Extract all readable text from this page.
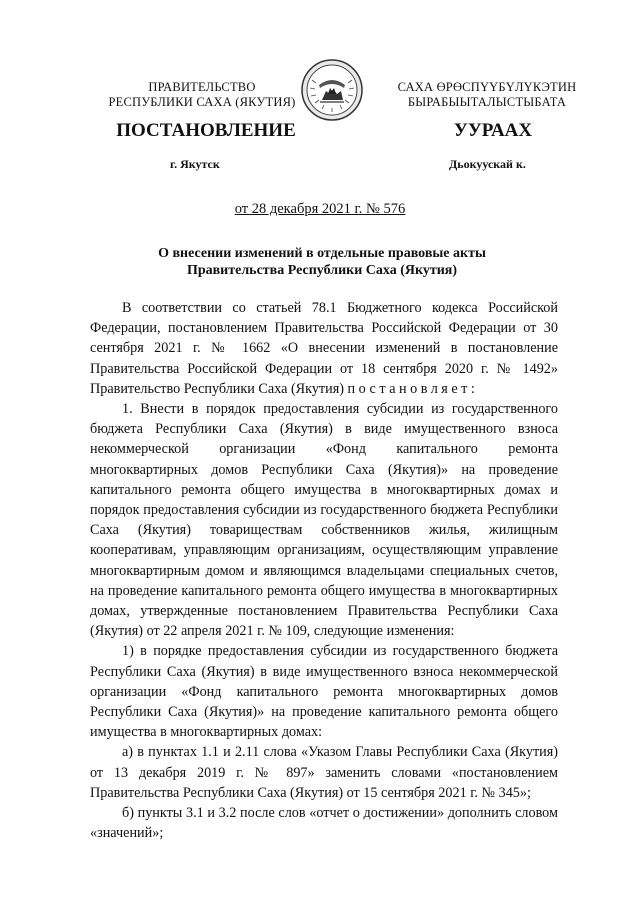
ПРАВИТЕЛЬСТВО
РЕСПУБЛИКИ САХА (ЯКУТИЯ)
САХА ӨРӨСПҮҮБҮЛҮКЭТИН
БЫРАБЫЫТАЛЫСТЫБАТА
ПОСТАНОВЛЕНИЕ	УУРААХ
г. Якутск	Дьокуускай к.
от 28 декабря 2021 г. № 576
О внесении изменений в отдельные правовые акты
Правительства Республики Саха (Якутия)

В соответствии со статьей 78.1 Бюджетного кодекса Российской Федерации, постановлением Правительства Российской Федерации от 30 сентября 2021 г. № 1662 «О внесении изменений в постановление Правительства Российской Федерации от 18 сентября 2020 г. № 1492» Правительство Республики Саха (Якутия) постановляет:

1. Внести в порядок предоставления субсидии из государственного бюджета Республики Саха (Якутия) в виде имущественного взноса некоммерческой организации «Фонд капитального ремонта многоквартирных домов Республики Саха (Якутия)» на проведение капитального ремонта общего имущества в многоквартирных домах и порядок предоставления субсидии из государственного бюджета Республики Саха (Якутия) товариществам собственников жилья, жилищным кооперативам, управляющим организациям, осуществляющим управление многоквартирным домом и являющимся владельцами специальных счетов, на проведение капитального ремонта общего имущества в многоквартирных домах, утвержденные постановлением Правительства Республики Саха (Якутия) от 22 апреля 2021 г. № 109, следующие изменения:

1) в порядке предоставления субсидии из государственного бюджета Республики Саха (Якутия) в виде имущественного взноса некоммерческой организации «Фонд капитального ремонта многоквартирных домов Республики Саха (Якутия)» на проведение капитального ремонта общего имущества в многоквартирных домах:

а) в пунктах 1.1 и 2.11 слова «Указом Главы Республики Саха (Якутия) от 13 декабря 2019 г. № 897» заменить словами «постановлением Правительства Республики Саха (Якутия) от 15 сентября 2021 г. № 345»;

б) пункты 3.1 и 3.2 после слов «отчет о достижении» дополнить словом «значений»;
